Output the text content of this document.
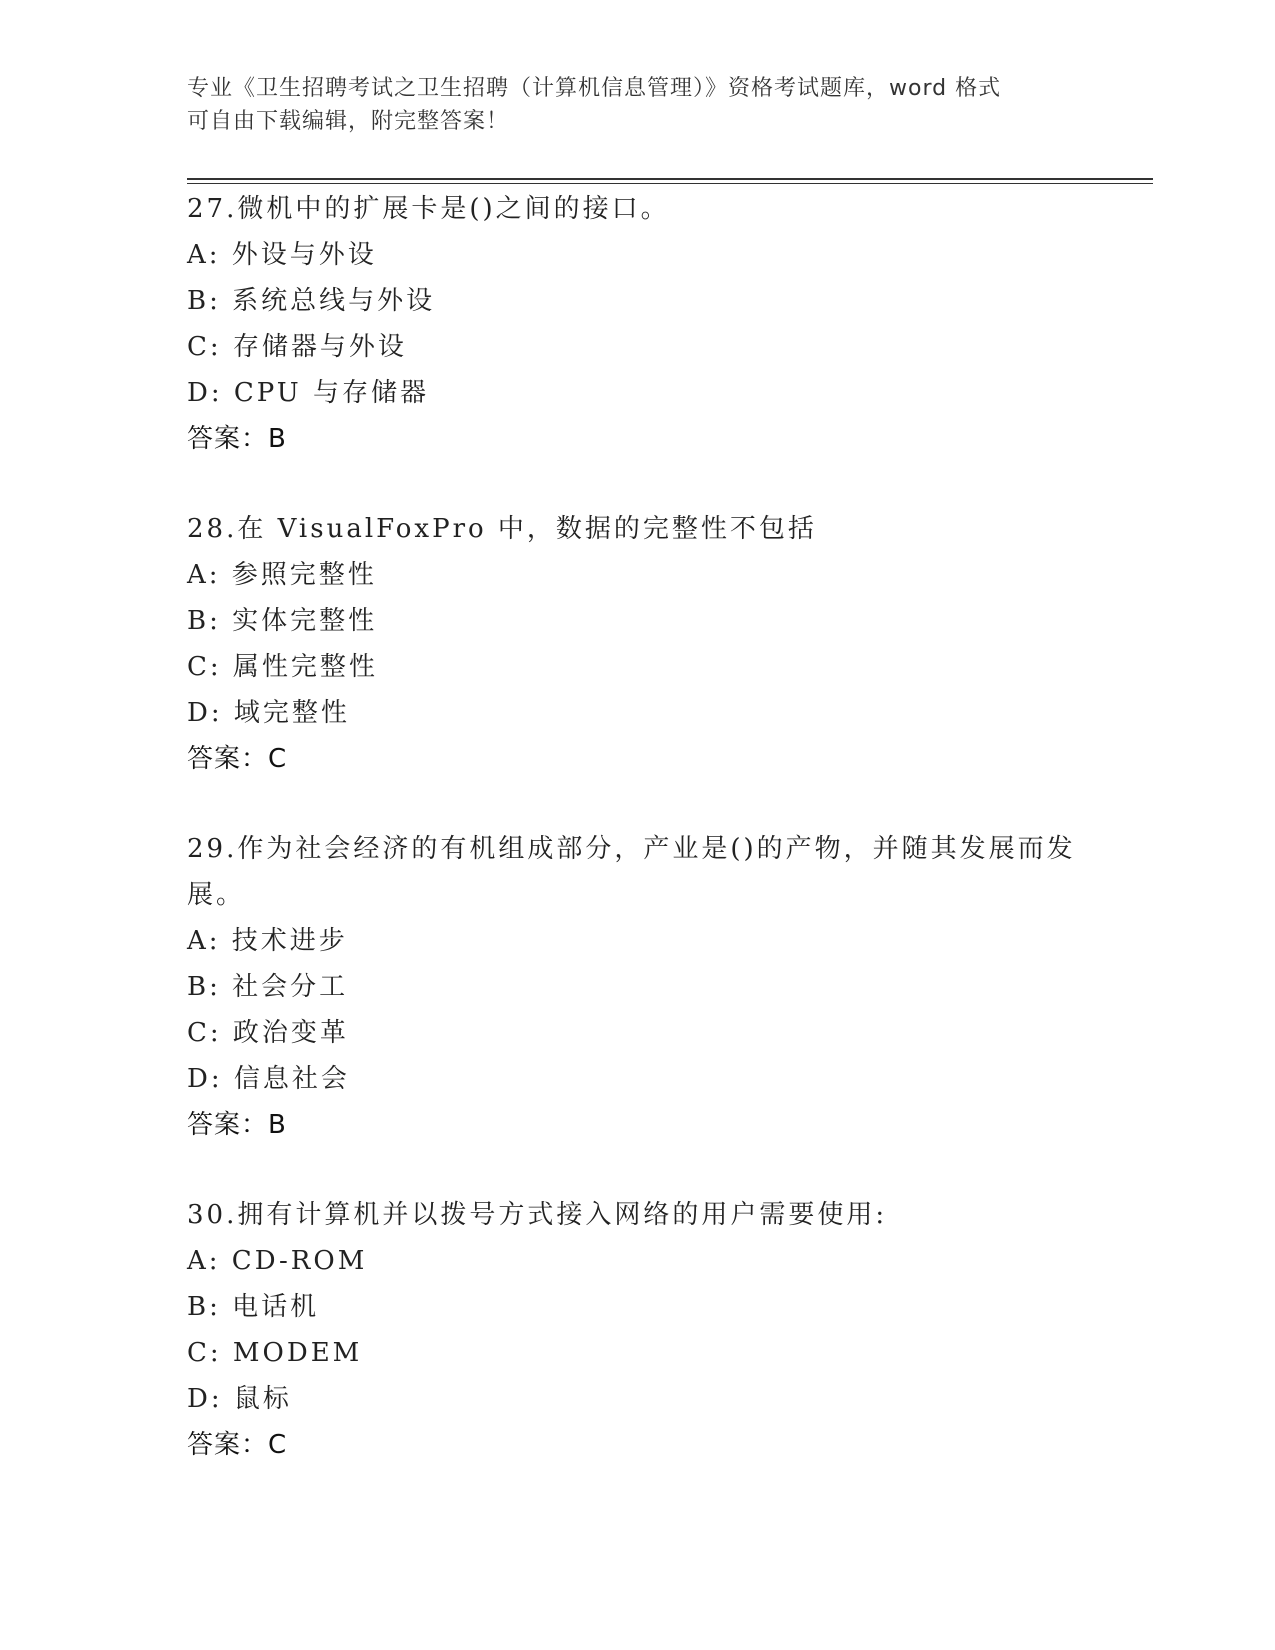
专业《卫生招聘考试之卫生招聘（计算机信息管理）》资格考试题库，word 格式
可自由下载编辑，附完整答案！
27.微机中的扩展卡是()之间的接口。
A: 外设与外设
B: 系统总线与外设
C: 存储器与外设
D: CPU 与存储器
答案：B
28.在 VisualFoxPro 中，数据的完整性不包括
A: 参照完整性
B: 实体完整性
C: 属性完整性
D: 域完整性
答案：C
29.作为社会经济的有机组成部分，产业是()的产物，并随其发展而发展。
A: 技术进步
B: 社会分工
C: 政治变革
D: 信息社会
答案：B
30.拥有计算机并以拨号方式接入网络的用户需要使用:
A: CD-ROM
B: 电话机
C: MODEM
D: 鼠标
答案：C
